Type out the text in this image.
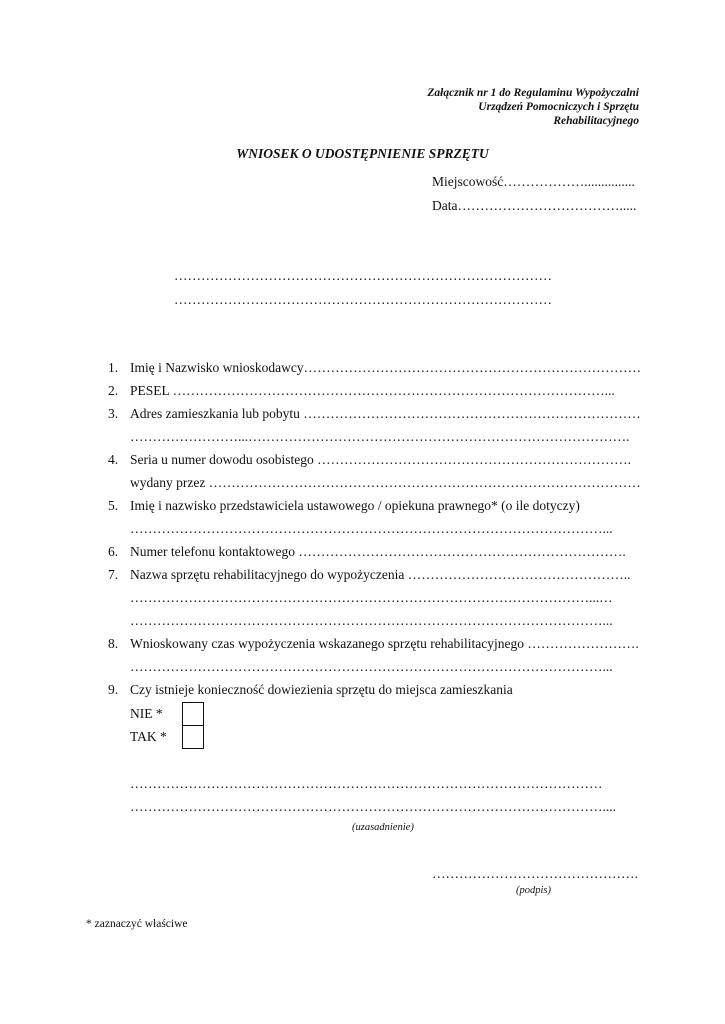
Załącznik nr 1 do Regulaminu Wypożyczalni
Urządzeń Pomocniczych i Sprzętu
Rehabilitacyjnego
WNIOSEK O UDOSTĘPNIENIE SPRZĘTU
Miejscowość………………...............
Data……………………………….....
…………………………………………………………………………
…………………………………………………………………………
1. Imię i Nazwisko wnioskodawcy…………………………………………………………………
2. PESEL ……………………………………………………………………………………...
3. Adres zamieszkania lub pobytu …………………………………………………………………
……………………...………………………………………………………………………….
4. Seria u numer dowodu osobistego …………………………………………………………….
wydany przez ……………………………………………………………………………………
5. Imię i nazwisko przedstawiciela ustawowego / opiekuna prawnego* (o ile dotyczy)
……………………………………………………………………………………………...
6. Numer telefonu kontaktowego ……………………………………………………………….
7. Nazwa sprzętu rehabilitacyjnego do wypożyczenia …………………………………………..
…………………………………………………………………………………………...…
……………………………………………………………………………………………...
8. Wnioskowany czas wypożyczenia wskazanego sprzętu rehabilitacyjnego …………………….
……………………………………………………………………………………………...
9. Czy istnieje konieczność dowiezienia sprzętu do miejsca zamieszkania
NIE *
TAK *
……………………………………………………………………………………………
……………………………………………………………………………………………....
(uzasadnienie)
……………………………………….
(podpis)
* zaznaczyć właściwe
